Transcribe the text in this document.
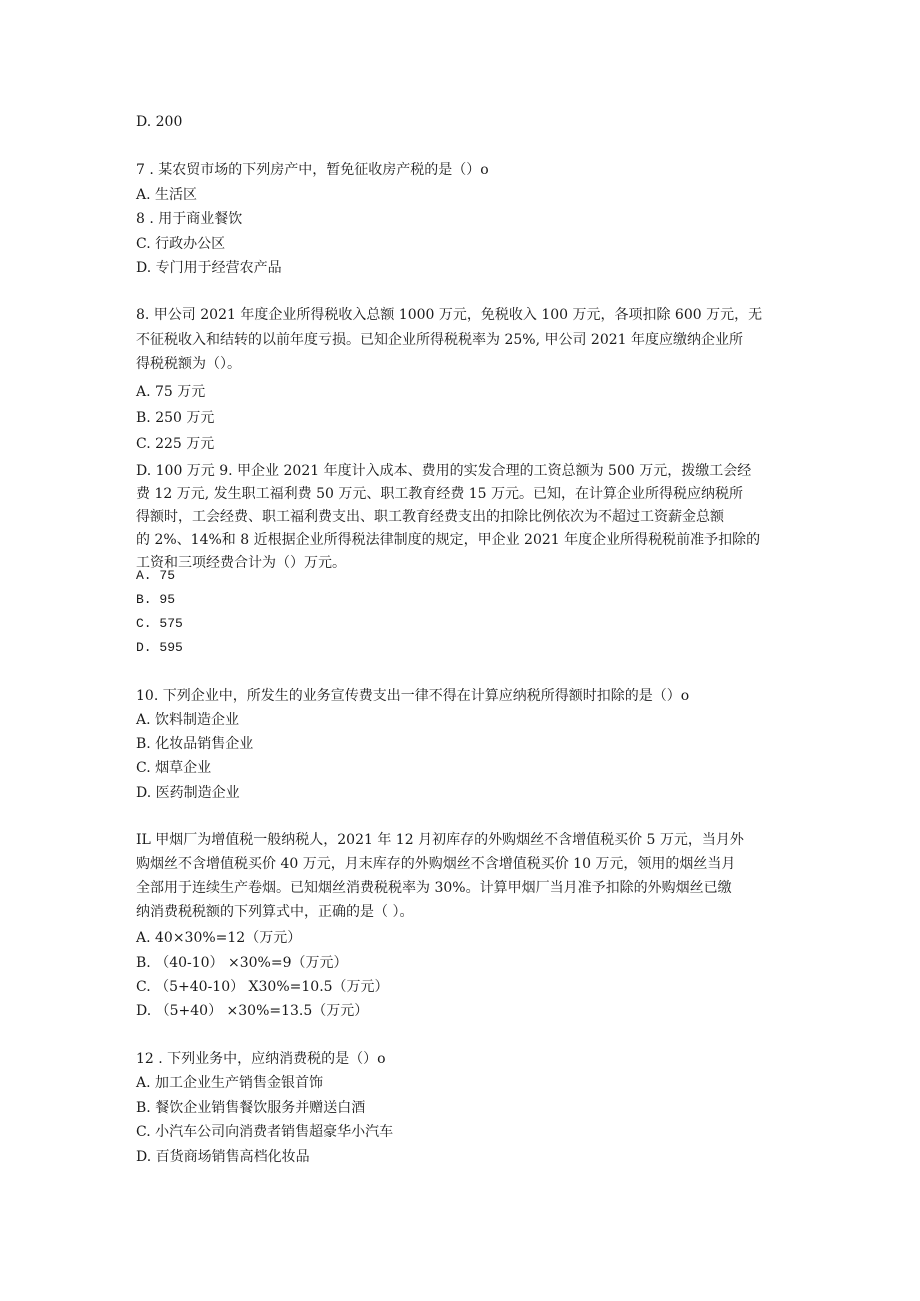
D. 200
7 . 某农贸市场的下列房产中，暂免征收房产税的是（）o
A. 生活区
8 . 用于商业餐饮
C. 行政办公区
D. 专门用于经营农产品
8. 甲公司 2021 年度企业所得税收入总额 1000 万元，免税收入 100 万元，各项扣除 600 万元，无
不征税收入和结转的以前年度亏损。已知企业所得税税率为 25%, 甲公司 2021 年度应缴纳企业所
得税税额为（）。
A. 75 万元
B. 250 万元
C. 225 万元
D. 100 万元 9. 甲企业 2021 年度计入成本、费用的实发合理的工资总额为 500 万元，拨缴工会经
费 12 万元, 发生职工福利费 50 万元、职工教育经费 15 万元。已知，在计算企业所得税应纳税所
得额时，工会经费、职工福利费支出、职工教育经费支出的扣除比例依次为不超过工资薪金总额
的 2%、14%和 8 近根据企业所得税法律制度的规定，甲企业 2021 年度企业所得税税前准予扣除的
工资和三项经费合计为（）万元。
A. 75
B. 95
C. 575
D. 595
10. 下列企业中，所发生的业务宣传费支出一律不得在计算应纳税所得额时扣除的是（）o
A. 饮料制造企业
B. 化妆品销售企业
C. 烟草企业
D. 医药制造企业
IL 甲烟厂为增值税一般纳税人，2021 年 12 月初库存的外购烟丝不含增值税买价 5 万元，当月外
购烟丝不含增值税买价 40 万元，月末库存的外购烟丝不含增值税买价 10 万元，领用的烟丝当月
全部用于连续生产卷烟。已知烟丝消费税税率为 30%。计算甲烟厂当月准予扣除的外购烟丝已缴
纳消费税税额的下列算式中，正确的是（ ）。
A. 40×30%=12（万元）
B. （40-10） ×30%=9（万元）
C. （5+40-10） X30%=10.5（万元）
D. （5+40） ×30%=13.5（万元）
12 . 下列业务中，应纳消费税的是（）o
A. 加工企业生产销售金银首饰
B. 餐饮企业销售餐饮服务并赠送白酒
C. 小汽车公司向消费者销售超豪华小汽车
D. 百货商场销售高档化妆品
